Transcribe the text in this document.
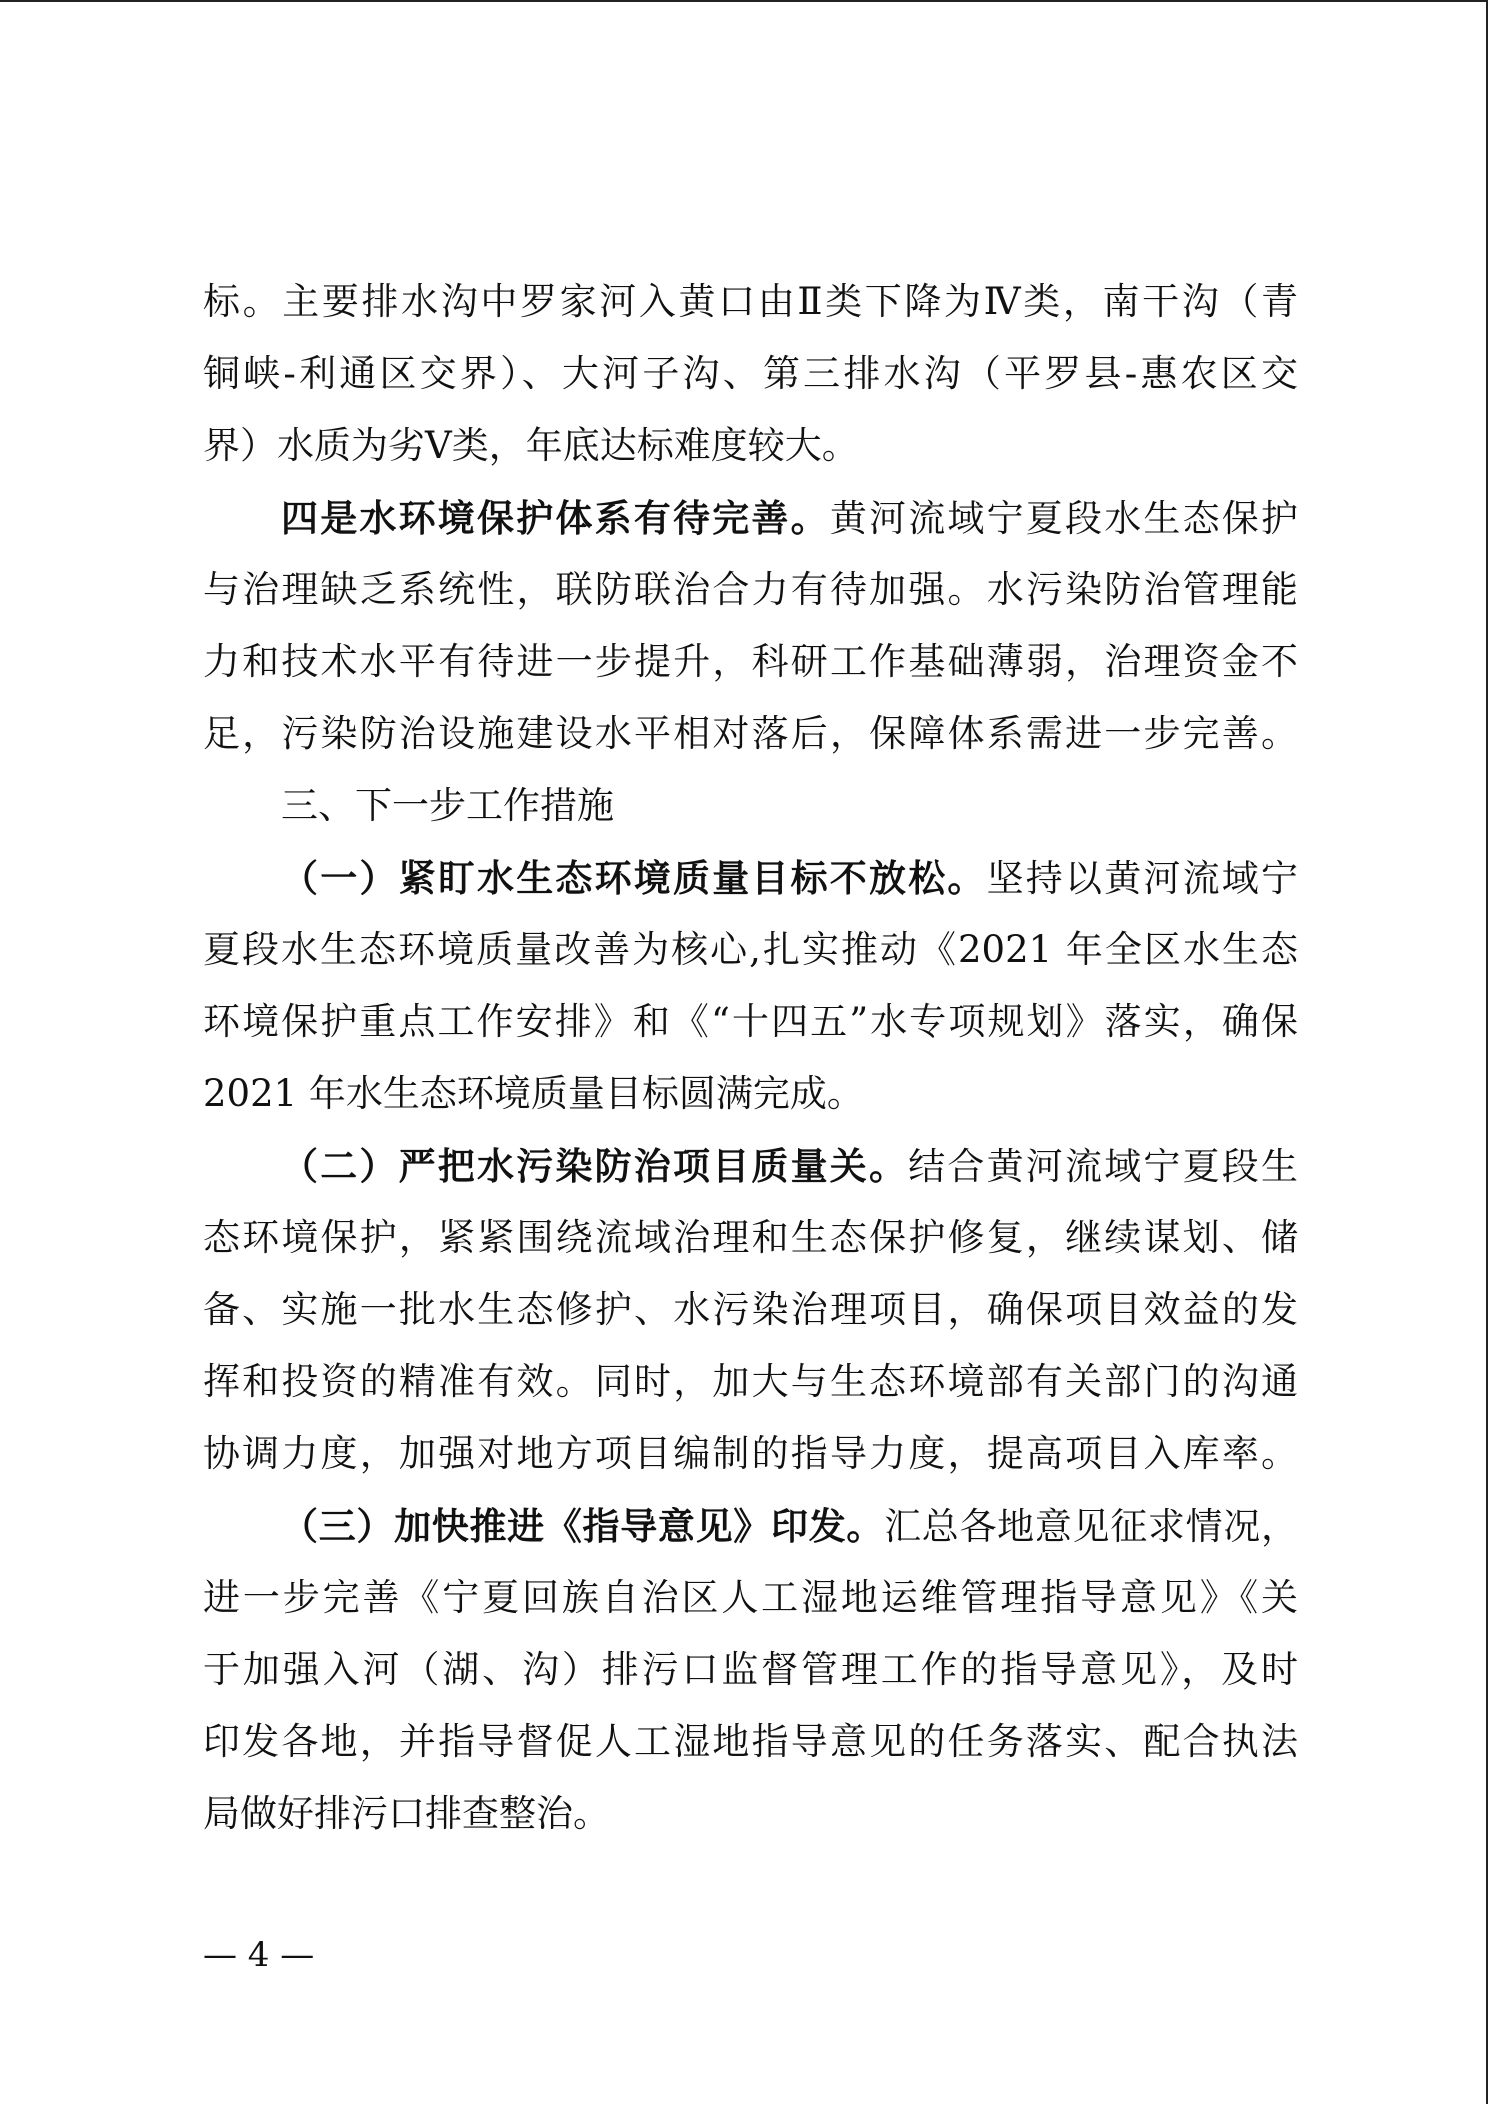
标。主要排水沟中罗家河入黄口由Ⅱ类下降为Ⅳ类，南干沟（青
铜峡-利通区交界）、大河子沟、第三排水沟（平罗县-惠农区交
界）水质为劣Ⅴ类，年底达标难度较大。
四是水环境保护体系有待完善。黄河流域宁夏段水生态保护
与治理缺乏系统性，联防联治合力有待加强。水污染防治管理能
力和技术水平有待进一步提升，科研工作基础薄弱，治理资金不
足，污染防治设施建设水平相对落后，保障体系需进一步完善。
三、下一步工作措施
（一）紧盯水生态环境质量目标不放松。坚持以黄河流域宁
夏段水生态环境质量改善为核心,扎实推动《2021 年全区水生态
环境保护重点工作安排》和《“十四五”水专项规划》落实，确保
2021 年水生态环境质量目标圆满完成。
（二）严把水污染防治项目质量关。结合黄河流域宁夏段生
态环境保护，紧紧围绕流域治理和生态保护修复，继续谋划、储
备、实施一批水生态修护、水污染治理项目，确保项目效益的发
挥和投资的精准有效。同时，加大与生态环境部有关部门的沟通
协调力度，加强对地方项目编制的指导力度，提高项目入库率。
（三）加快推进《指导意见》印发。汇总各地意见征求情况，
进一步完善《宁夏回族自治区人工湿地运维管理指导意见》《关
于加强入河（湖、沟）排污口监督管理工作的指导意见》，及时
印发各地，并指导督促人工湿地指导意见的任务落实、配合执法
局做好排污口排查整治。
— 4 —
